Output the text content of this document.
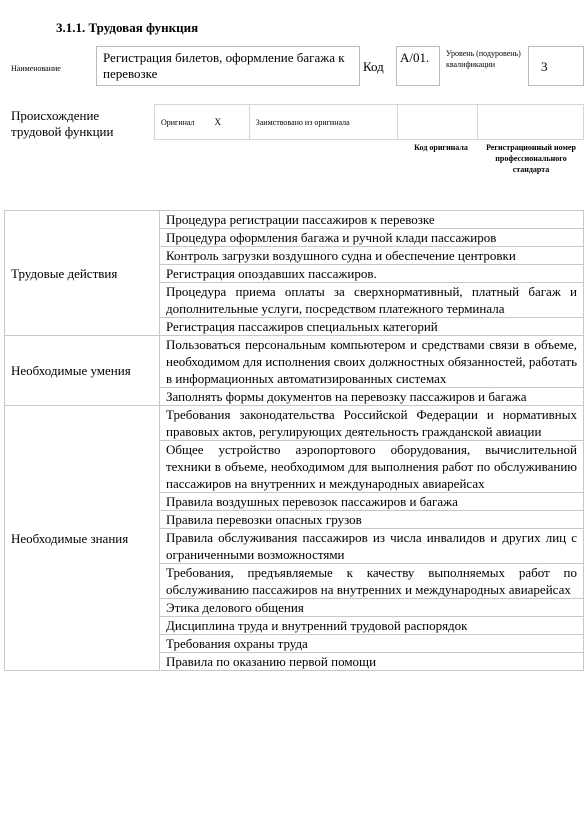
3.1.1. Трудовая функция
Наименование
Регистрация билетов, оформление багажа к перевозке	Код
A/01.	Уровень (подуровень) квалификации	3
Происхождение трудовой функции
Оригинал X	Заимствовано из оригинала		
Код оригинала	Регистрационный номер профессионального стандарта
Трудовые действия	Процедура регистрации пассажиров к перевозке
	Процедура оформления багажа и ручной клади пассажиров
	Контроль загрузки воздушного судна и обеспечение центровки
	Регистрация опоздавших пассажиров.
	Процедура приема оплаты за сверхнормативный, платный багаж и дополнительные услуги, посредством платежного терминала
	Регистрация пассажиров специальных категорий
Необходимые умения	Пользоваться персональным компьютером и средствами связи в объеме, необходимом для исполнения своих должностных обязанностей, работать в информационных автоматизированных системах
	Заполнять формы документов на перевозку пассажиров и багажа
Необходимые знания	Требования законодательства Российской Федерации и нормативных правовых актов, регулирующих деятельность гражданской авиации
	Общее устройство аэропортового оборудования, вычислительной техники в объеме, необходимом для выполнения работ по обслуживанию пассажиров на внутренних и международных авиарейсах
	Правила воздушных перевозок пассажиров и багажа
	Правила перевозки опасных грузов
	Правила обслуживания пассажиров из числа инвалидов и других лиц с ограниченными возможностями
	Требования, предъявляемые к качеству выполняемых работ по обслуживанию пассажиров на внутренних и международных авиарейсах
	Этика делового общения
	Дисциплина труда и внутренний трудовой распорядок
	Требования охраны труда
	Правила по оказанию первой помощи
